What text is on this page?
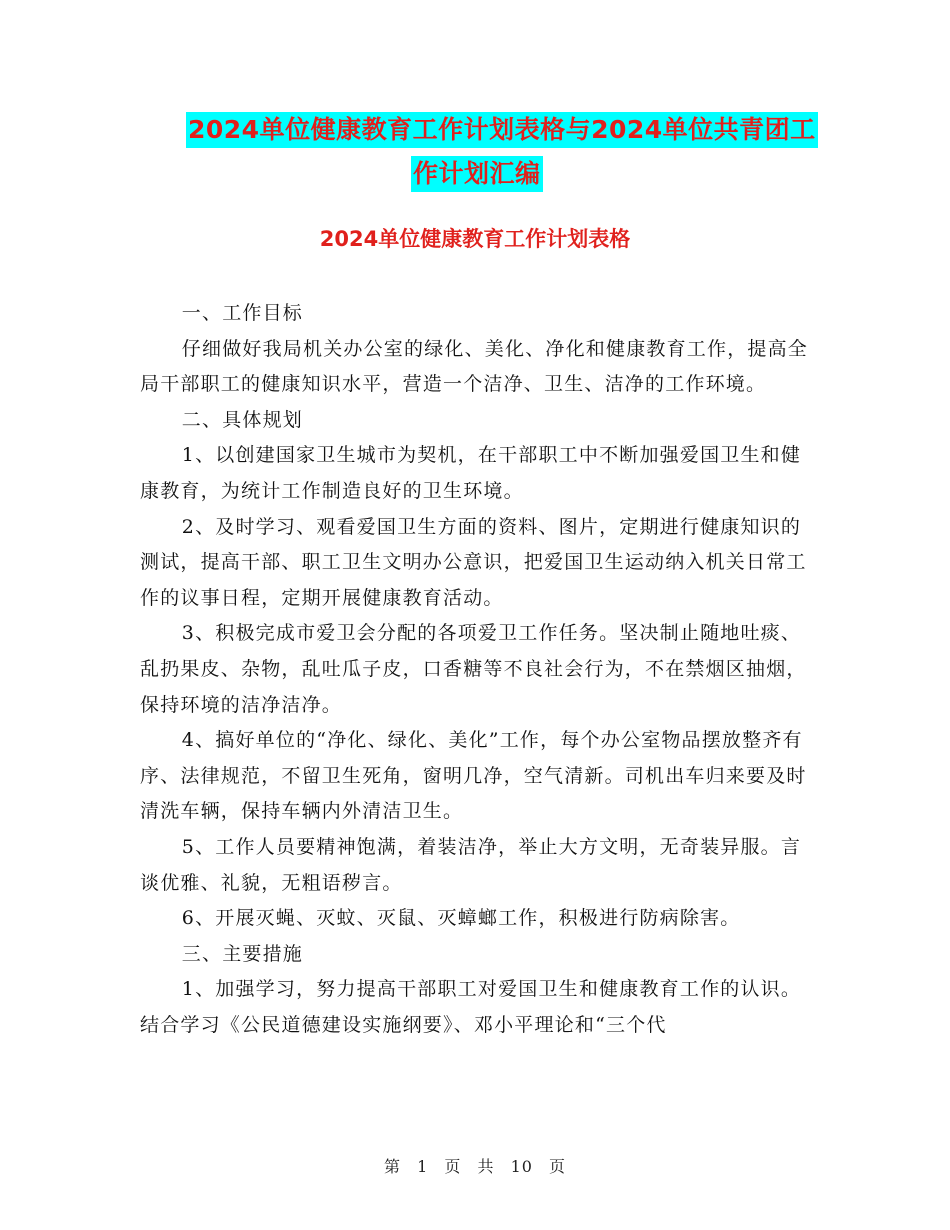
2024单位健康教育工作计划表格与2024单位共青团工
作计划汇编
2024单位健康教育工作计划表格

一、工作目标

仔细做好我局机关办公室的绿化、美化、净化和健康教育工作，提高全局干部职工的健康知识水平，营造一个洁净、卫生、洁净的工作环境。

二、具体规划

1、以创建国家卫生城市为契机，在干部职工中不断加强爱国卫生和健康教育，为统计工作制造良好的卫生环境。

2、及时学习、观看爱国卫生方面的资料、图片，定期进行健康知识的测试，提高干部、职工卫生文明办公意识，把爱国卫生运动纳入机关日常工作的议事日程，定期开展健康教育活动。

3、积极完成市爱卫会分配的各项爱卫工作任务。坚决制止随地吐痰、乱扔果皮、杂物，乱吐瓜子皮，口香糖等不良社会行为，不在禁烟区抽烟，保持环境的洁净洁净。

4、搞好单位的“净化、绿化、美化”工作，每个办公室物品摆放整齐有序、法律规范，不留卫生死角，窗明几净，空气清新。司机出车归来要及时清洗车辆，保持车辆内外清洁卫生。

5、工作人员要精神饱满，着装洁净，举止大方文明，无奇装异服。言谈优雅、礼貌，无粗语秽言。

6、开展灭蝇、灭蚊、灭鼠、灭蟑螂工作，积极进行防病除害。

三、主要措施

1、加强学习，努力提高干部职工对爱国卫生和健康教育工作的认识。结合学习《公民道德建设实施纲要》、邓小平理论和“三个代

第 1 页 共 10 页
